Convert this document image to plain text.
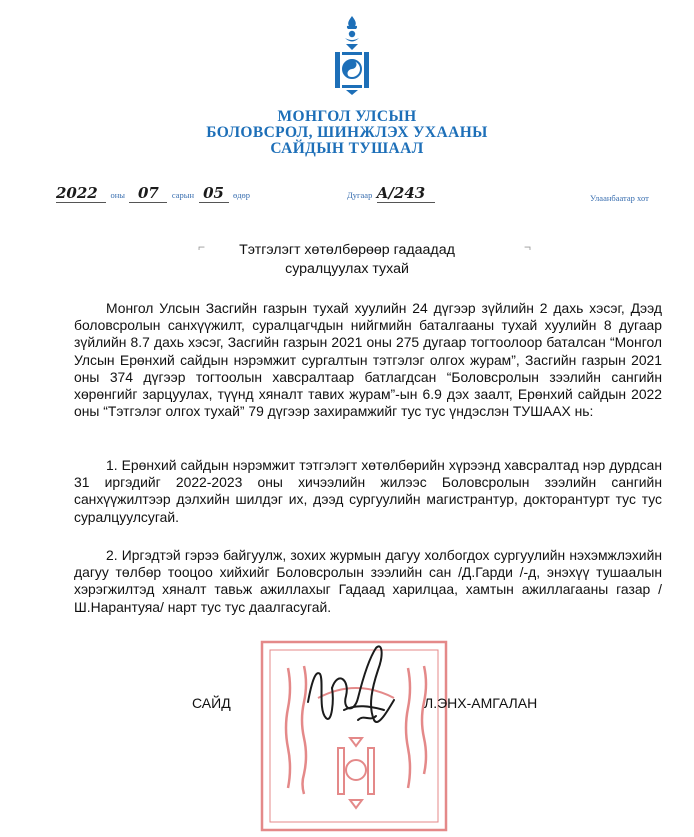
МОНГОЛ УЛСЫН
БОЛОВСРОЛ, ШИНЖЛЭХ УХААНЫ
САЙДЫН ТУШААЛ
2022 оны 07 сарын 05 өдөр	Дугаар A/243	Улаанбаатар хот
⌐	¬
Тэтгэлэгт хөтөлбөрөөр гадаадад
суралцуулах тухай

Монгол Улсын Засгийн газрын тухай хуулийн 24 дүгээр зүйлийн 2 дахь хэсэг, Дээд боловсролын санхүүжилт, суралцагчдын нийгмийн баталгааны тухай хуулийн 8 дугаар зүйлийн 8.7 дахь хэсэг, Засгийн газрын 2021 оны 275 дугаар тогтоолоор баталсан “Монгол Улсын Ерөнхий сайдын нэрэмжит сургалтын тэтгэлэг олгох журам”, Засгийн газрын 2021 оны 374 дүгээр тогтоолын хавсралтаар батлагдсан “Боловсролын зээлийн сангийн хөрөнгийг зарцуулах, түүнд хяналт тавих журам”-ын 6.9 дэх заалт, Ерөнхий сайдын 2022 оны “Тэтгэлэг олгох тухай” 79 дүгээр захирамжийг тус тус үндэслэн ТУШААХ нь:

1. Ерөнхий сайдын нэрэмжит тэтгэлэгт хөтөлбөрийн хүрээнд хавсралтад нэр дурдсан 31 иргэдийг 2022-2023 оны хичээлийн жилээс Боловсролын зээлийн сангийн санхүүжилтээр дэлхийн шилдэг их, дээд сургуулийн магистрантур, докторантурт тус тус суралцуулсугай.

2. Иргэдтэй гэрээ байгуулж, зохих журмын дагуу холбогдох сургуулийн нэхэмжлэхийн дагуу төлбөр тооцоо хийхийг Боловсролын зээлийн сан /Д.Гарди /-д, энэхүү тушаалын хэрэгжилтэд хяналт тавьж ажиллахыг Гадаад харилцаа, хамтын ажиллагааны газар /Ш.Нарантуяа/ нарт тус тус даалгасугай.

САЙД	Л.ЭНХ-АМГАЛАН
